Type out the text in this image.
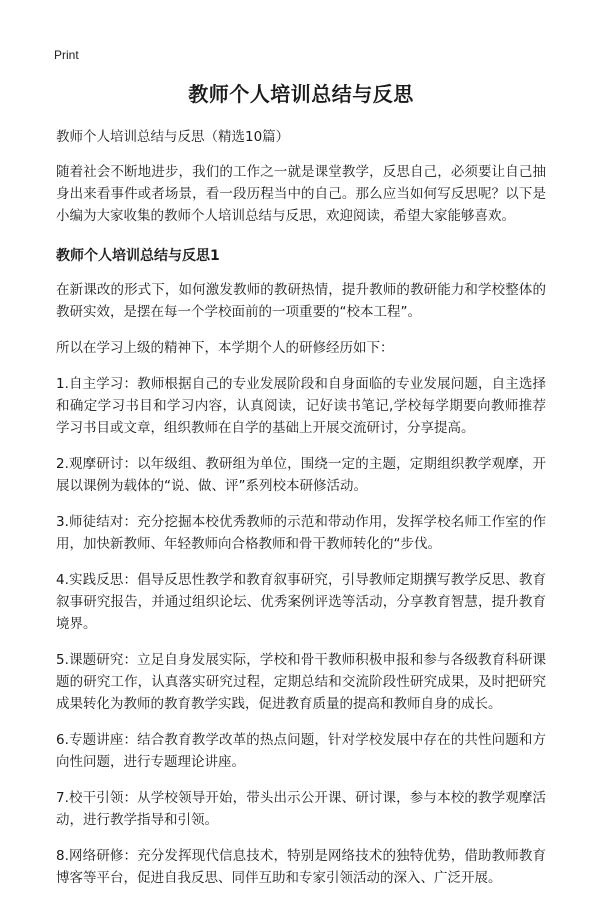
Print
教师个人培训总结与反思
教师个人培训总结与反思（精选10篇）
随着社会不断地进步，我们的工作之一就是课堂教学，反思自己，必须要让自己抽身出来看事件或者场景，看一段历程当中的自己。那么应当如何写反思呢？以下是小编为大家收集的教师个人培训总结与反思，欢迎阅读，希望大家能够喜欢。
教师个人培训总结与反思1
在新课改的形式下，如何激发教师的教研热情，提升教师的教研能力和学校整体的教研实效，是摆在每一个学校面前的一项重要的“校本工程”。
所以在学习上级的精神下，本学期个人的研修经历如下：
1.自主学习：教师根据自己的专业发展阶段和自身面临的专业发展问题，自主选择和确定学习书目和学习内容，认真阅读，记好读书笔记,学校每学期要向教师推荐学习书目或文章，组织教师在自学的基础上开展交流研讨，分享提高。
2.观摩研讨：以年级组、教研组为单位，围绕一定的主题，定期组织教学观摩，开展以课例为载体的“说、做、评”系列校本研修活动。
3.师徒结对：充分挖掘本校优秀教师的示范和带动作用，发挥学校名师工作室的作用，加快新教师、年轻教师向合格教师和骨干教师转化的“步伐。
4.实践反思：倡导反思性教学和教育叙事研究，引导教师定期撰写教学反思、教育叙事研究报告，并通过组织论坛、优秀案例评选等活动，分享教育智慧，提升教育境界。
5.课题研究：立足自身发展实际，学校和骨干教师积极申报和参与各级教育科研课题的研究工作，认真落实研究过程，定期总结和交流阶段性研究成果，及时把研究成果转化为教师的教育教学实践，促进教育质量的提高和教师自身的成长。
6.专题讲座：结合教育教学改革的热点问题，针对学校发展中存在的共性问题和方向性问题，进行专题理论讲座。
7.校干引领：从学校领导开始，带头出示公开课、研讨课，参与本校的教学观摩活动，进行教学指导和引领。
8.网络研修：充分发挥现代信息技术，特别是网络技术的独特优势，借助教师教育博客等平台，促进自我反思、同伴互助和专家引领活动的深入、广泛开展。
